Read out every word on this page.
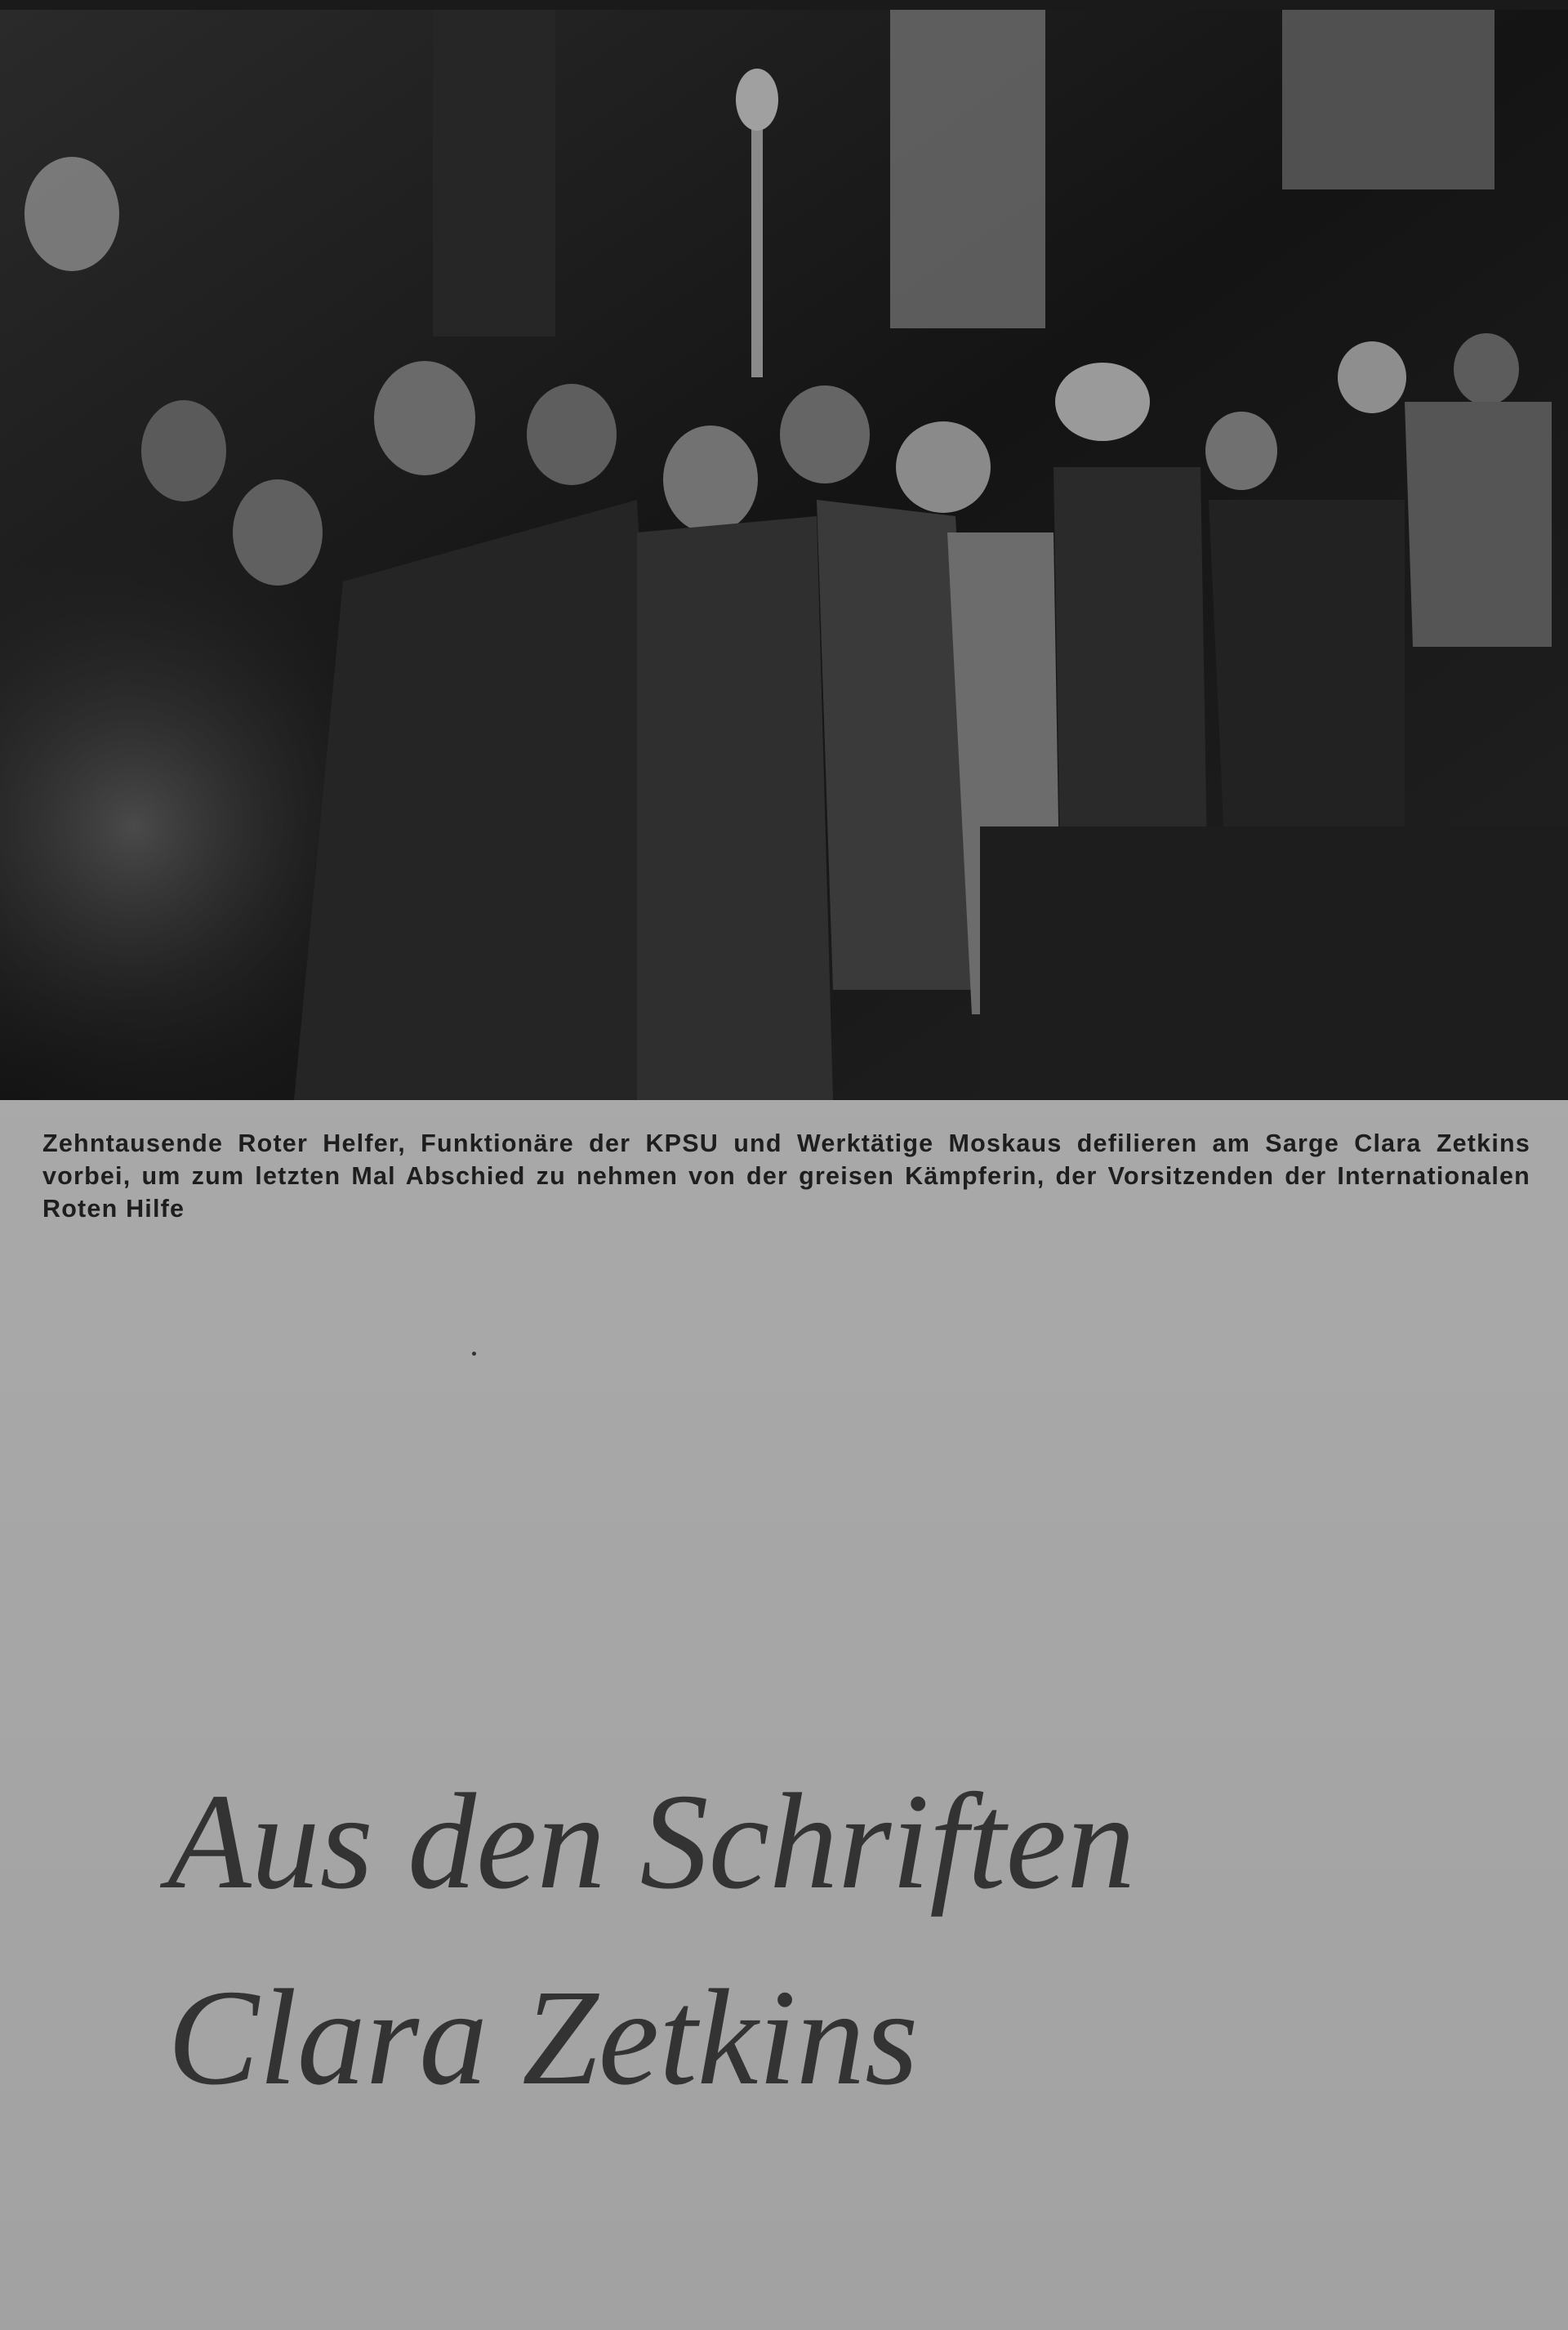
Zehntausende Roter Helfer, Funktionäre der KPSU und Werktätige Moskaus defilieren am Sarge Clara Zetkins vorbei, um zum letzten Mal Abschied zu nehmen von der greisen Kämpferin, der Vorsitzenden der Internationalen Roten Hilfe

Aus den Schriften
Clara Zetkins
